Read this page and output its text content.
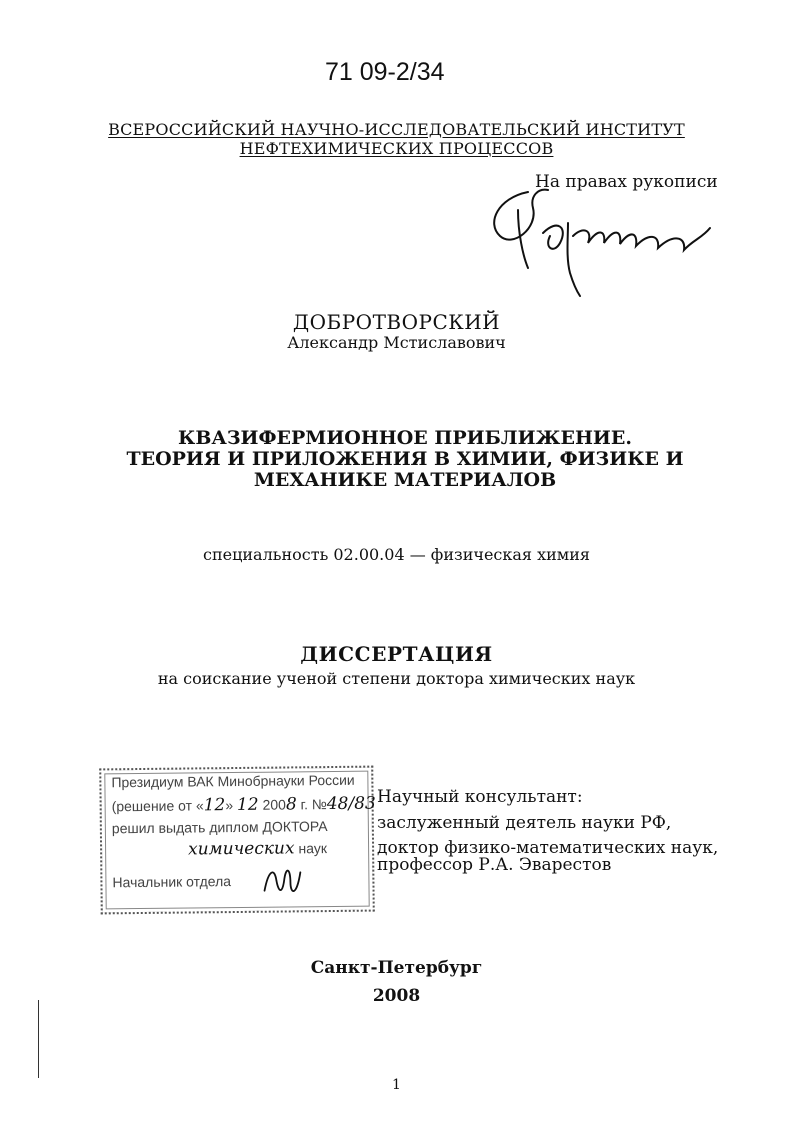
71 09-2/34
ВСЕРОССИЙСКИЙ НАУЧНО-ИССЛЕДОВАТЕЛЬСКИЙ ИНСТИТУТ
НЕФТЕХИМИЧЕСКИХ ПРОЦЕССОВ
На правах рукописи
ДОБРОТВОРСКИЙ
Александр Мстиславович
КВАЗИФЕРМИОННОЕ ПРИБЛИЖЕНИЕ.
ТЕОРИЯ И ПРИЛОЖЕНИЯ В ХИМИИ, ФИЗИКЕ И
МЕХАНИКЕ МАТЕРИАЛОВ
специальность 02.00.04 — физическая химия
ДИССЕРТАЦИЯ
на соискание ученой степени доктора химических наук
Научный консультант:
заслуженный деятель науки РФ,
доктор физико-математических наук,
профессор Р.А. Эварестов
Президиум ВАК Минобрнауки России
(решение от «12» 12 2008 г. №48/83
решил выдать диплом ДОКТОРА
химических наук
Начальник отдела
Санкт-Петербург
2008
1
